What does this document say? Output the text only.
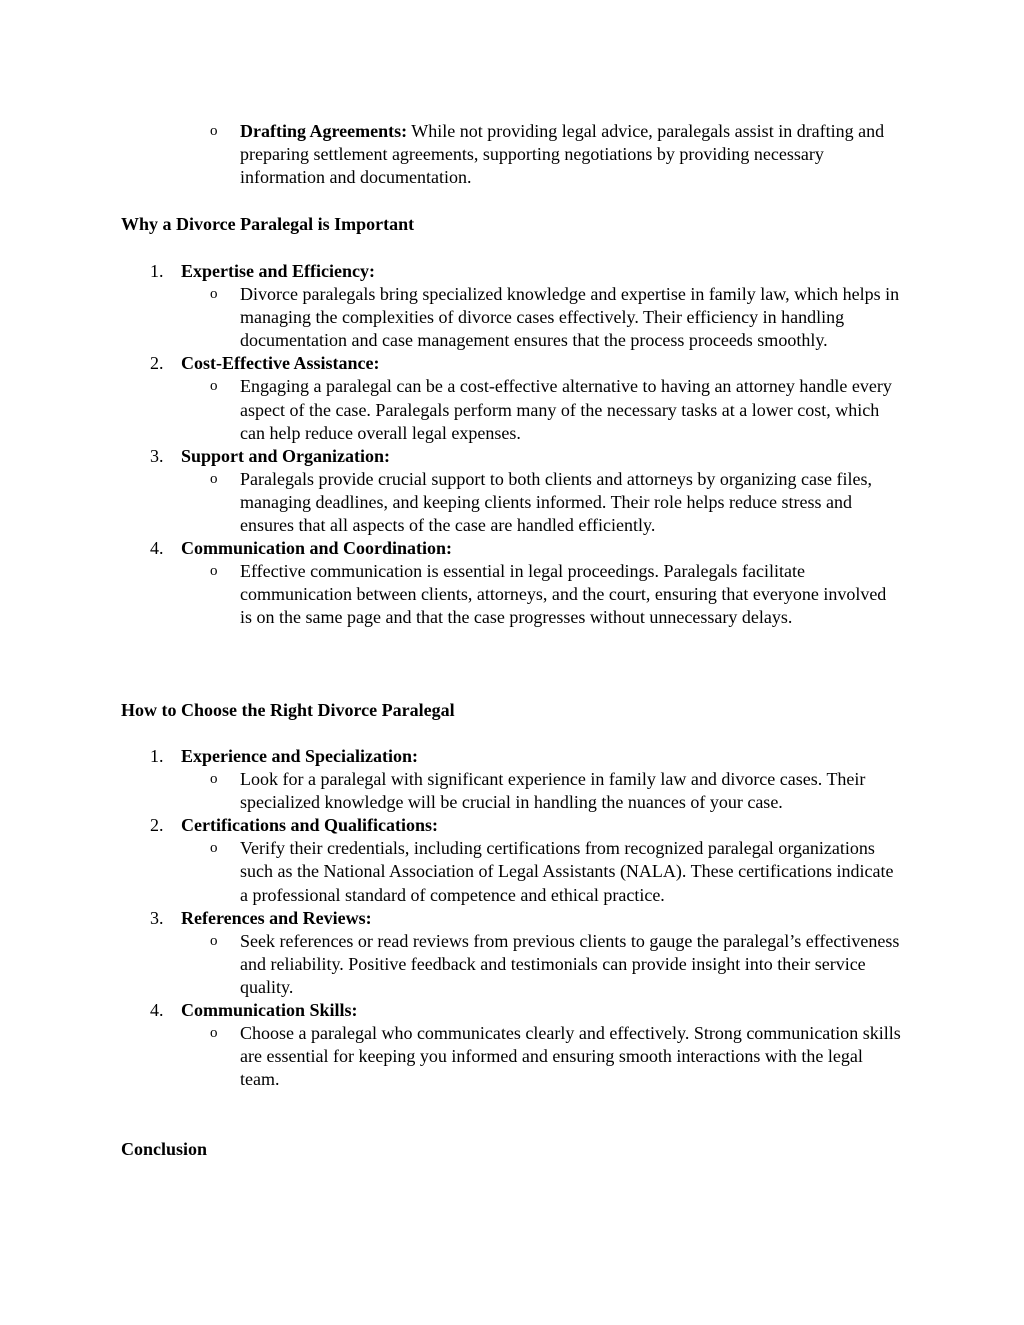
o Drafting Agreements: While not providing legal advice, paralegals assist in drafting and preparing settlement agreements, supporting negotiations by providing necessary information and documentation.
Why a Divorce Paralegal is Important
1. Expertise and Efficiency:
o Divorce paralegals bring specialized knowledge and expertise in family law, which helps in managing the complexities of divorce cases effectively. Their efficiency in handling documentation and case management ensures that the process proceeds smoothly.
2. Cost-Effective Assistance:
o Engaging a paralegal can be a cost-effective alternative to having an attorney handle every aspect of the case. Paralegals perform many of the necessary tasks at a lower cost, which can help reduce overall legal expenses.
3. Support and Organization:
o Paralegals provide crucial support to both clients and attorneys by organizing case files, managing deadlines, and keeping clients informed. Their role helps reduce stress and ensures that all aspects of the case are handled efficiently.
4. Communication and Coordination:
o Effective communication is essential in legal proceedings. Paralegals facilitate communication between clients, attorneys, and the court, ensuring that everyone involved is on the same page and that the case progresses without unnecessary delays.
How to Choose the Right Divorce Paralegal
1. Experience and Specialization:
o Look for a paralegal with significant experience in family law and divorce cases. Their specialized knowledge will be crucial in handling the nuances of your case.
2. Certifications and Qualifications:
o Verify their credentials, including certifications from recognized paralegal organizations such as the National Association of Legal Assistants (NALA). These certifications indicate a professional standard of competence and ethical practice.
3. References and Reviews:
o Seek references or read reviews from previous clients to gauge the paralegal’s effectiveness and reliability. Positive feedback and testimonials can provide insight into their service quality.
4. Communication Skills:
o Choose a paralegal who communicates clearly and effectively. Strong communication skills are essential for keeping you informed and ensuring smooth interactions with the legal team.
Conclusion
